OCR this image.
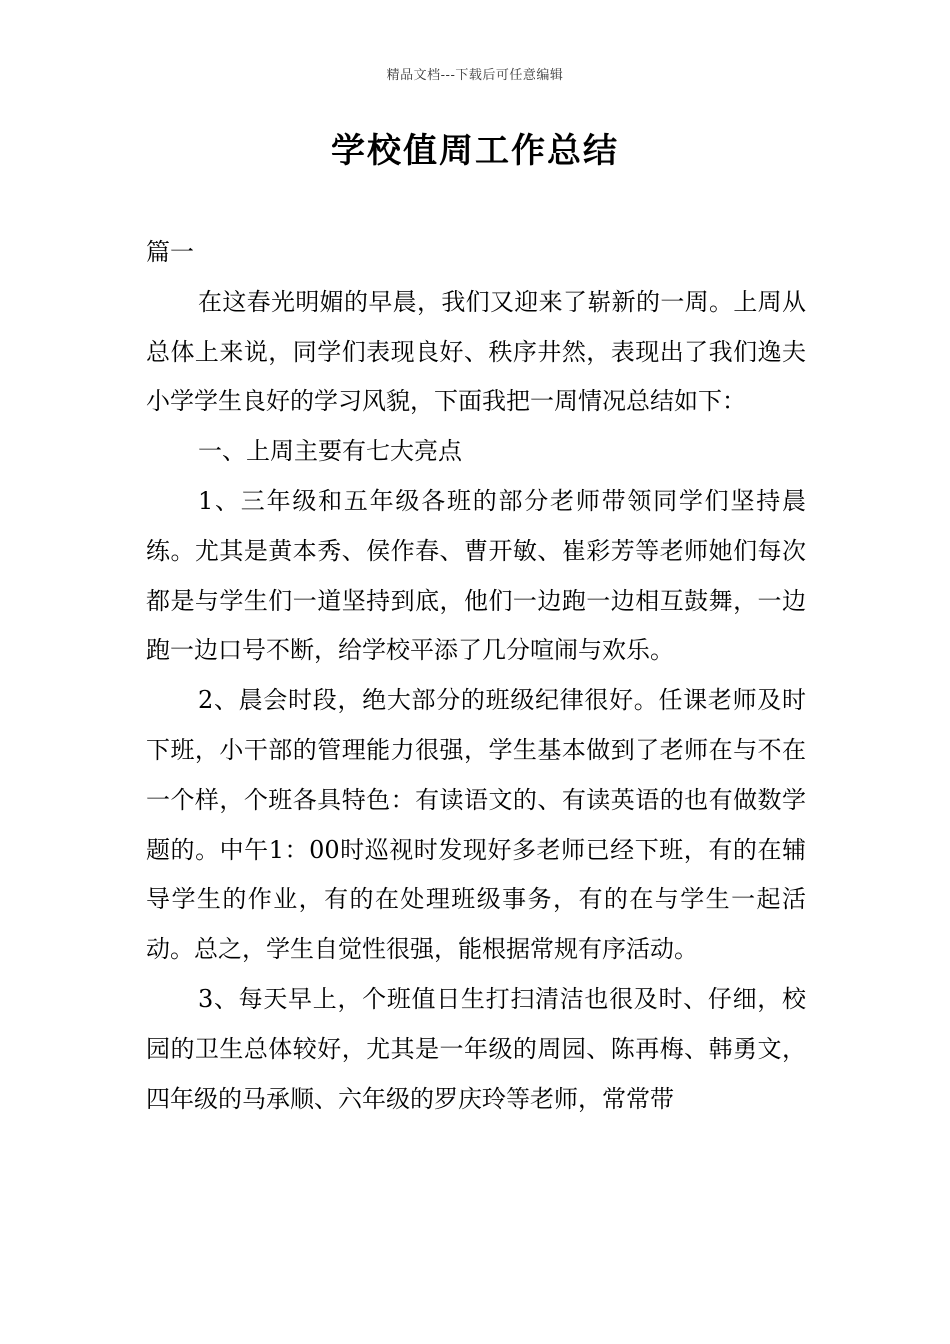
精品文档---下载后可任意编辑
学校值周工作总结

篇一

在这春光明媚的早晨，我们又迎来了崭新的一周。上周从总体上来说，同学们表现良好、秩序井然，表现出了我们逸夫小学学生良好的学习风貌，下面我把一周情况总结如下：

一、上周主要有七大亮点

1、三年级和五年级各班的部分老师带领同学们坚持晨练。尤其是黄本秀、侯作春、曹开敏、崔彩芳等老师她们每次都是与学生们一道坚持到底，他们一边跑一边相互鼓舞，一边跑一边口号不断，给学校平添了几分喧闹与欢乐。

2、晨会时段，绝大部分的班级纪律很好。任课老师及时下班，小干部的管理能力很强，学生基本做到了老师在与不在一个样，个班各具特色：有读语文的、有读英语的也有做数学题的。中午1：00时巡视时发现好多老师已经下班，有的在辅导学生的作业，有的在处理班级事务，有的在与学生一起活动。总之，学生自觉性很强，能根据常规有序活动。

3、每天早上，个班值日生打扫清洁也很及时、仔细，校园的卫生总体较好，尤其是一年级的周园、陈再梅、韩勇文，四年级的马承顺、六年级的罗庆玲等老师，常常带
